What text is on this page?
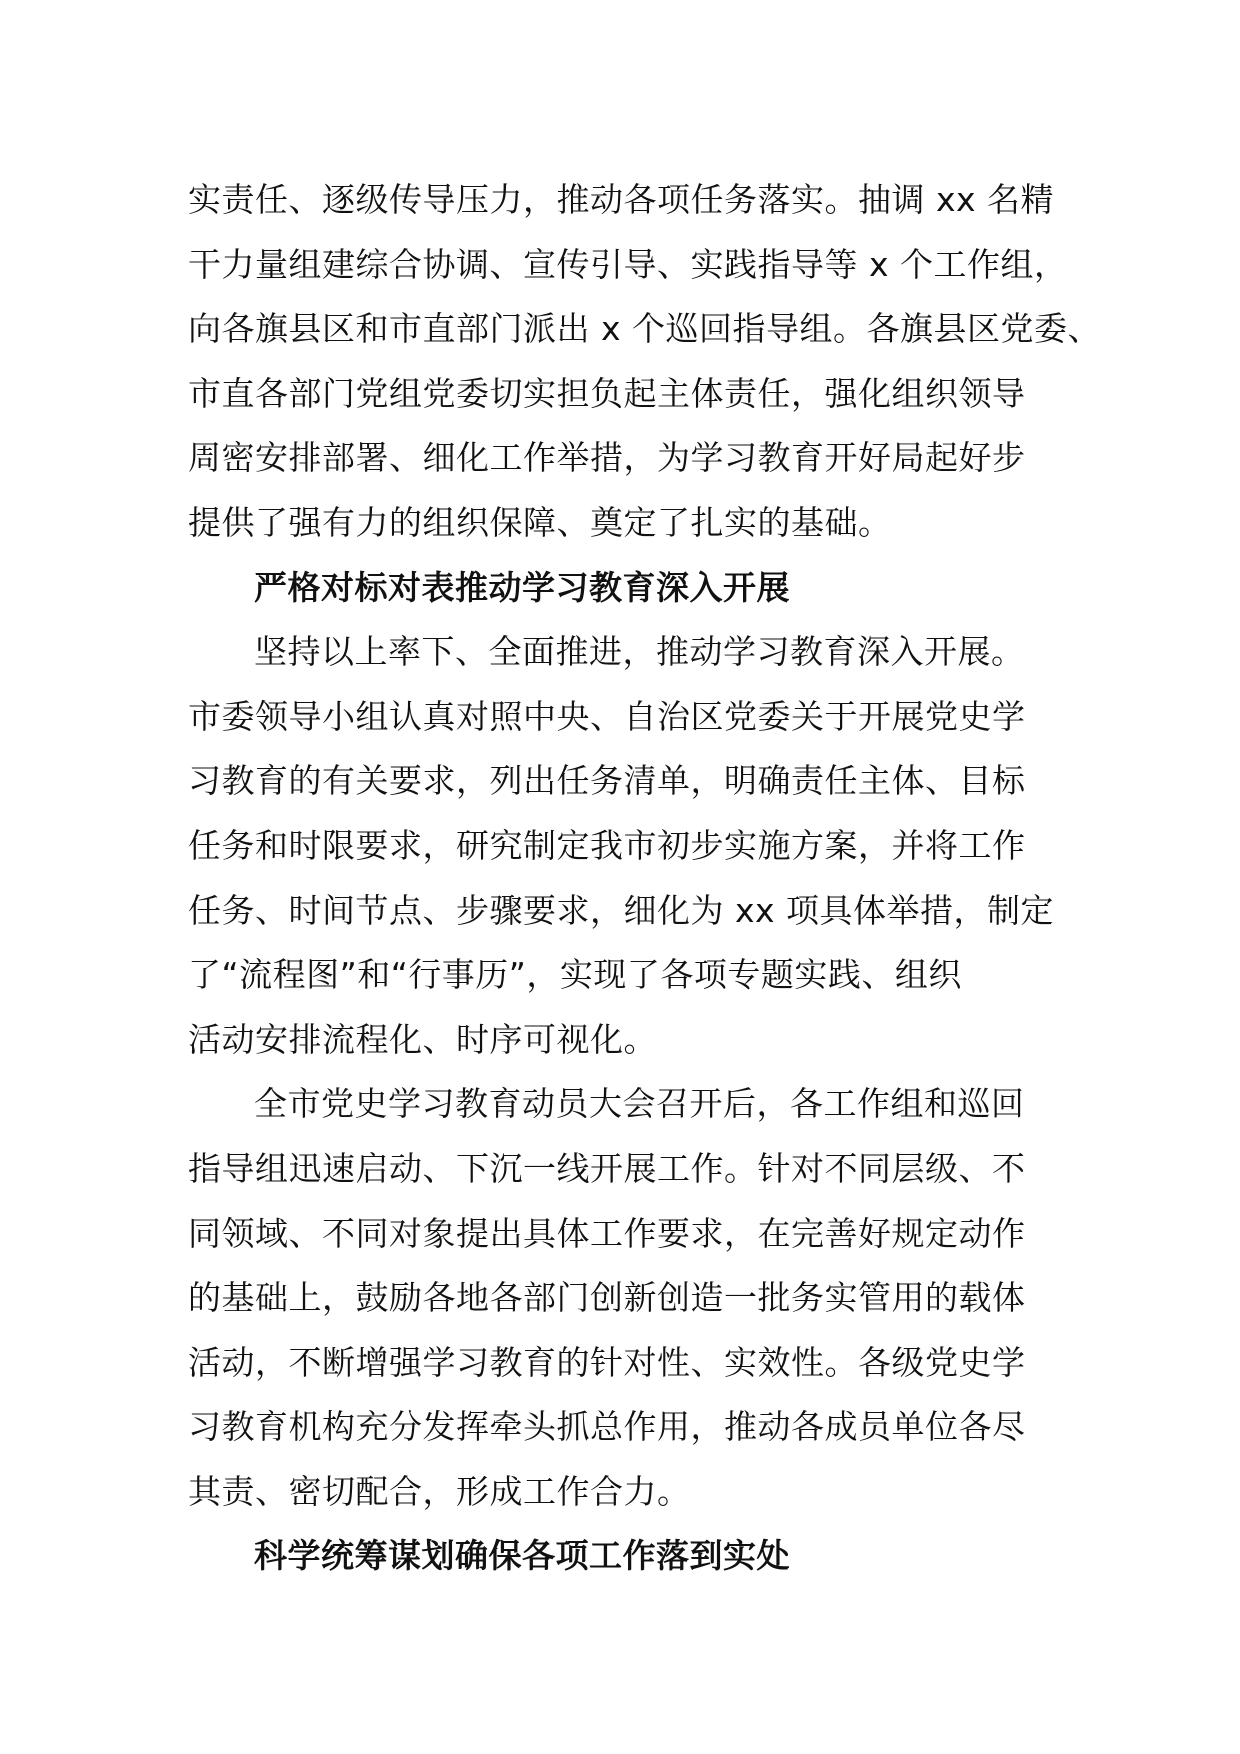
实责任、逐级传导压力，推动各项任务落实。抽调 xx 名精
干力量组建综合协调、宣传引导、实践指导等 x 个工作组，
向各旗县区和市直部门派出 x 个巡回指导组。各旗县区党委、
市直各部门党组党委切实担负起主体责任，强化组织领导
周密安排部署、细化工作举措，为学习教育开好局起好步
提供了强有力的组织保障、奠定了扎实的基础。
严格对标对表推动学习教育深入开展
坚持以上率下、全面推进，推动学习教育深入开展。
市委领导小组认真对照中央、自治区党委关于开展党史学
习教育的有关要求，列出任务清单，明确责任主体、目标
任务和时限要求，研究制定我市初步实施方案，并将工作
任务、时间节点、步骤要求，细化为 xx 项具体举措，制定
了“流程图”和“行事历”，实现了各项专题实践、组织
活动安排流程化、时序可视化。
全市党史学习教育动员大会召开后，各工作组和巡回
指导组迅速启动、下沉一线开展工作。针对不同层级、不
同领域、不同对象提出具体工作要求，在完善好规定动作
的基础上，鼓励各地各部门创新创造一批务实管用的载体
活动，不断增强学习教育的针对性、实效性。各级党史学
习教育机构充分发挥牵头抓总作用，推动各成员单位各尽
其责、密切配合，形成工作合力。
科学统筹谋划确保各项工作落到实处
